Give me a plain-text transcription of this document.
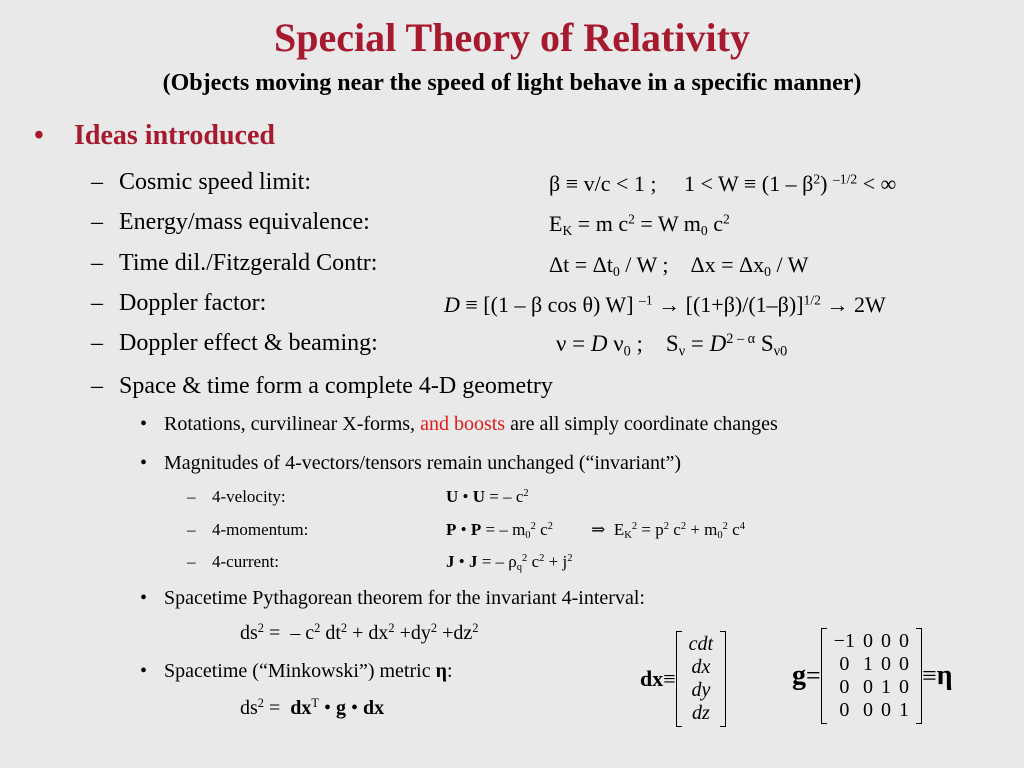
Special Theory of Relativity
(Objects moving near the speed of light behave in a specific manner)
• Ideas introduced
– Cosmic speed limit:	β ≡ v/c < 1 ;     $1 < W \equiv (1 - \beta^2)$ $^{-1/2}$ < ∞
– Energy/mass equivalence:	$E_K = m$ $c^2 = W$ $m_0$ $c^2$
– Time dil./Fitzgerald Contr:	$\Delta t = \Delta t_0 / W$ ;    $\Delta x = \Delta x_0 / W$
– Doppler factor:	D ≡ [(1 – β cos θ) W] $^{-1} \to [(1+\beta)/(1-\beta)]^{1/2} \to 2W$
– Doppler effect & beaming:	ν = D $\nu_0$ ;    $S_\nu = D^{2 - \alpha}$ $S_{\nu 0}$
– Space & time form a complete 4-D geometry
• Rotations, curvilinear X-forms, and boosts are all simply coordinate changes
• Magnitudes of 4-vectors/tensors remain unchanged (“invariant”)
– 4-velocity:	U • U = – $c^2$
– 4-momentum:	P • P = – $m_0^2$ $c^2$         ⇒  $E_K^2 = p^2$ $c^2 + m_0^2$ $c^4$
– 4-current:	J • J = – $\rho_q^2$ $c^2 + j^2$
• Spacetime Pythagorean theorem for the invariant 4-interval:
$ds^2$ =  – $c^2$ $dt^2 + dx^2 +dy^2 +dz^2$
• Spacetime (“Minkowski”) metric η:
$ds^2 = dx^T$ • g • dx
dx ≡
cdt
dx
dy
dz
g =
−1	0	0	0
0	1	0	0
0	0	1	0
0	0	0	1
≡ η
